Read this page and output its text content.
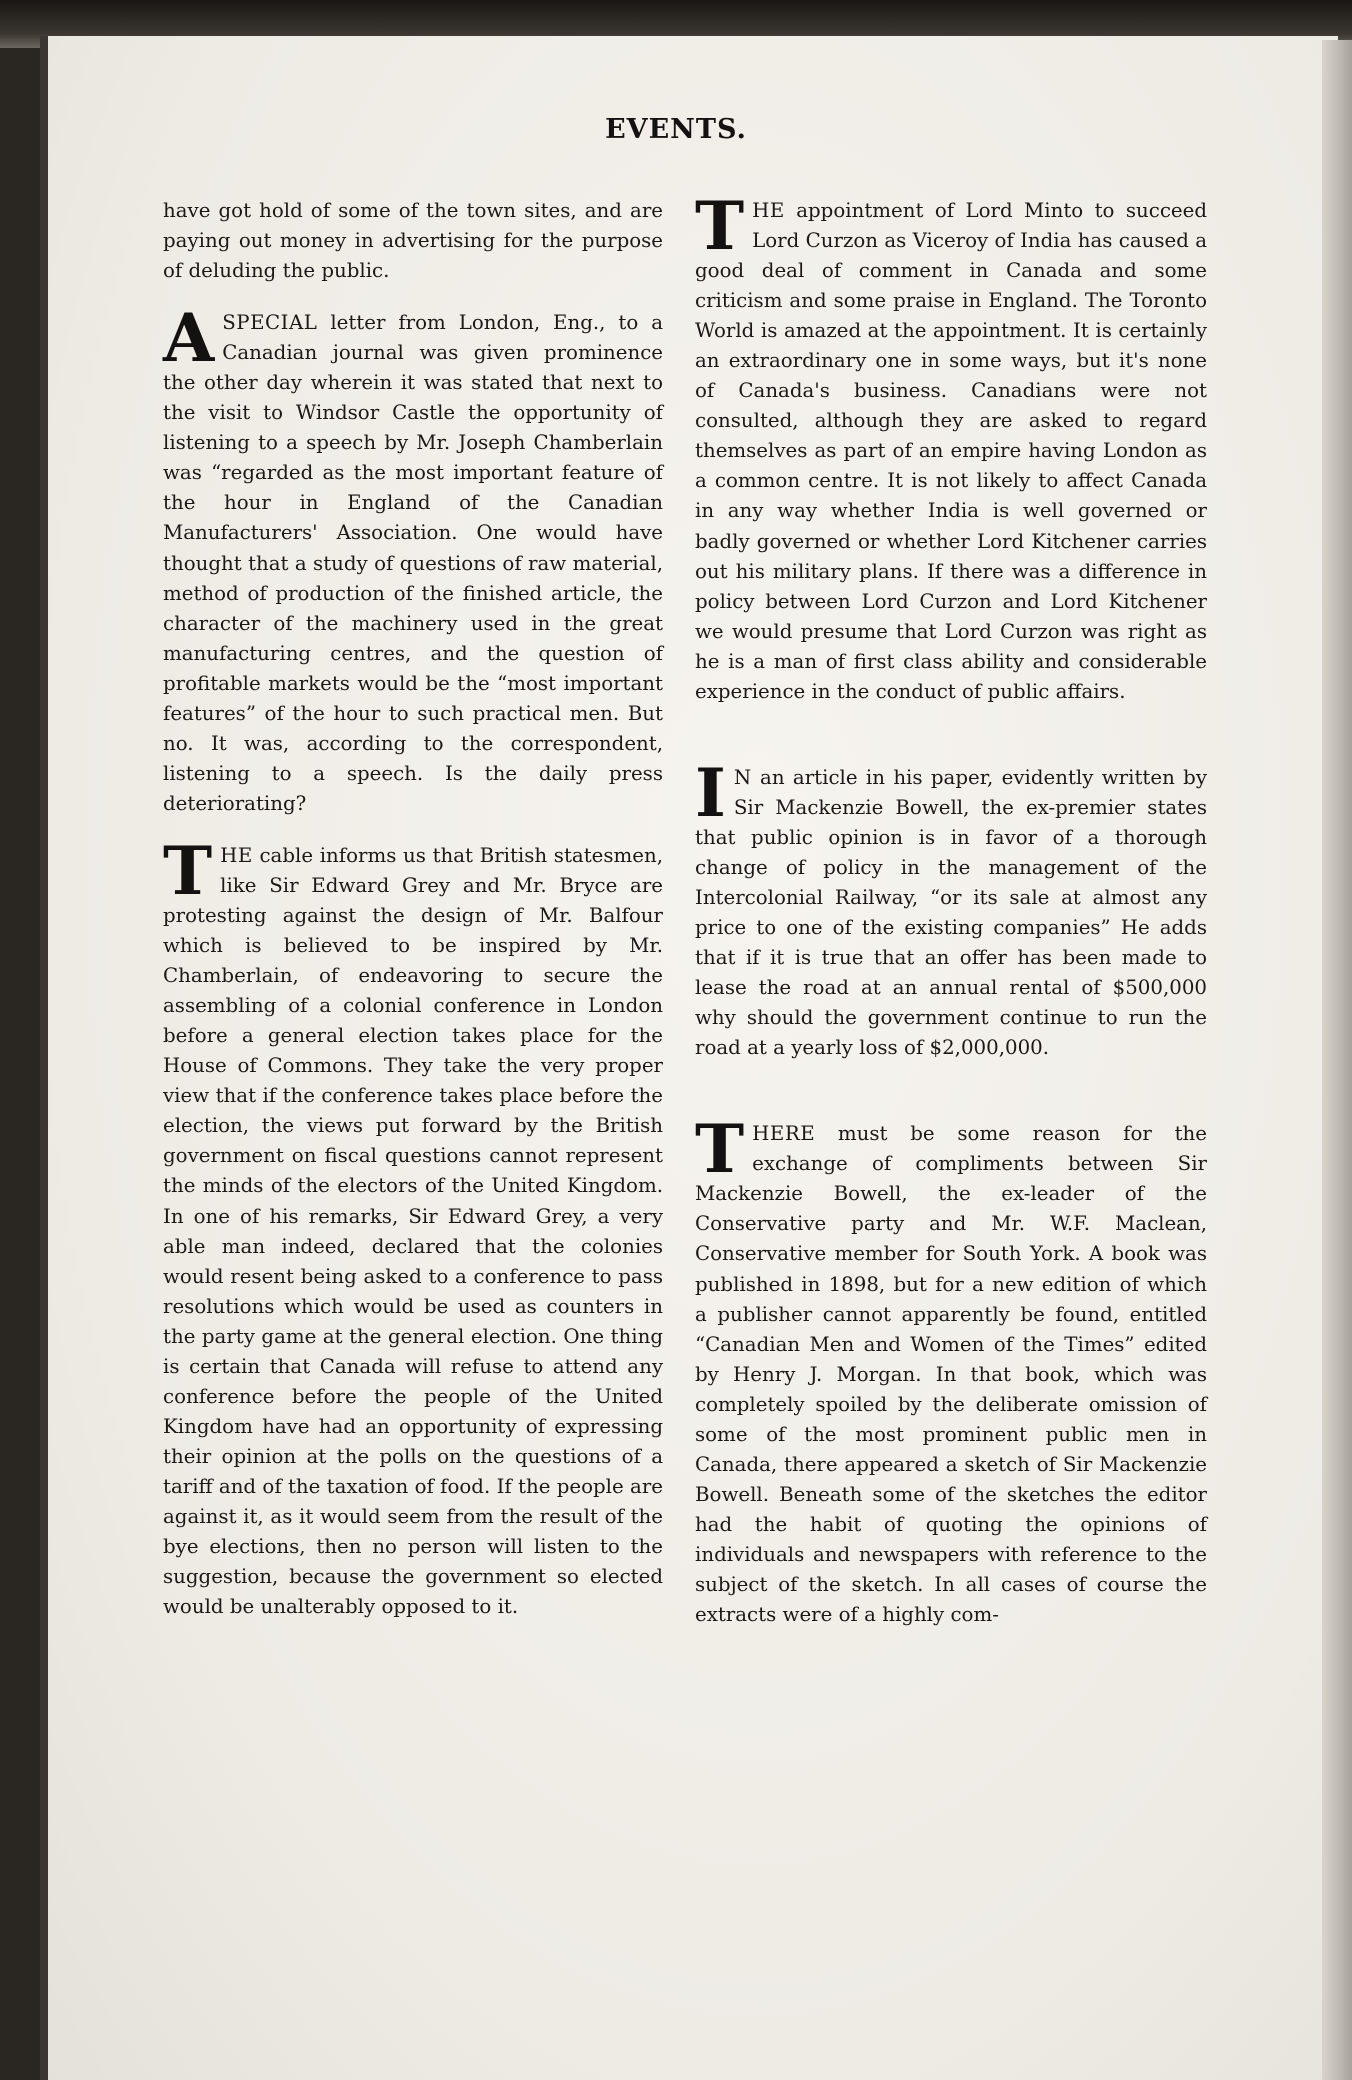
EVENTS.

have got hold of some of the town sites, and are paying out money in advertising for the purpose of deluding the public.

ASPECIAL letter from London, Eng., to a Canadian journal was given prominence the other day wherein it was stated that next to the visit to Windsor Castle the opportunity of listening to a speech by Mr. Joseph Chamberlain was “regarded as the most important feature of the hour in England of the Canadian Manufacturers' Association. One would have thought that a study of questions of raw material, method of production of the finished article, the character of the machinery used in the great manufacturing centres, and the question of profitable markets would be the “most important features” of the hour to such practical men. But no. It was, according to the correspondent, listening to a speech. Is the daily press deteriorating?

THE cable informs us that British statesmen, like Sir Edward Grey and Mr. Bryce are protesting against the design of Mr. Balfour which is believed to be inspired by Mr. Chamberlain, of endeavoring to secure the assembling of a colonial conference in London before a general election takes place for the House of Commons. They take the very proper view that if the conference takes place before the election, the views put forward by the British government on fiscal questions cannot represent the minds of the electors of the United Kingdom. In one of his remarks, Sir Edward Grey, a very able man indeed, declared that the colonies would resent being asked to a conference to pass resolutions which would be used as counters in the party game at the general election. One thing is certain that Canada will refuse to attend any conference before the people of the United Kingdom have had an opportunity of expressing their opinion at the polls on the questions of a tariff and of the taxation of food. If the people are against it, as it would seem from the result of the bye elections, then no person will listen to the suggestion, because the government so elected would be unalterably opposed to it.

THE appointment of Lord Minto to succeed Lord Curzon as Viceroy of India has caused a good deal of comment in Canada and some criticism and some praise in England. The Toronto World is amazed at the appointment. It is certainly an extraordinary one in some ways, but it's none of Canada's business. Canadians were not consulted, although they are asked to regard themselves as part of an empire having London as a common centre. It is not likely to affect Canada in any way whether India is well governed or badly governed or whether Lord Kitchener carries out his military plans. If there was a difference in policy between Lord Curzon and Lord Kitchener we would presume that Lord Curzon was right as he is a man of first class ability and considerable experience in the conduct of public affairs.

I N an article in his paper, evidently written by Sir Mackenzie Bowell, the ex-premier states that public opinion is in favor of a thorough change of policy in the management of the Intercolonial Railway, “or its sale at almost any price to one of the existing companies” He adds that if it is true that an offer has been made to lease the road at an annual rental of $500,000 why should the government continue to run the road at a yearly loss of $2,000,000.

THERE must be some reason for the exchange of compliments between Sir Mackenzie Bowell, the ex-leader of the Conservative party and Mr. W.F. Maclean, Conservative member for South York. A book was published in 1898, but for a new edition of which a publisher cannot apparently be found, entitled “Canadian Men and Women of the Times” edited by Henry J. Morgan. In that book, which was completely spoiled by the deliberate omission of some of the most prominent public men in Canada, there appeared a sketch of Sir Mackenzie Bowell. Beneath some of the sketches the editor had the habit of quoting the opinions of individuals and newspapers with reference to the subject of the sketch. In all cases of course the extracts were of a highly com-
